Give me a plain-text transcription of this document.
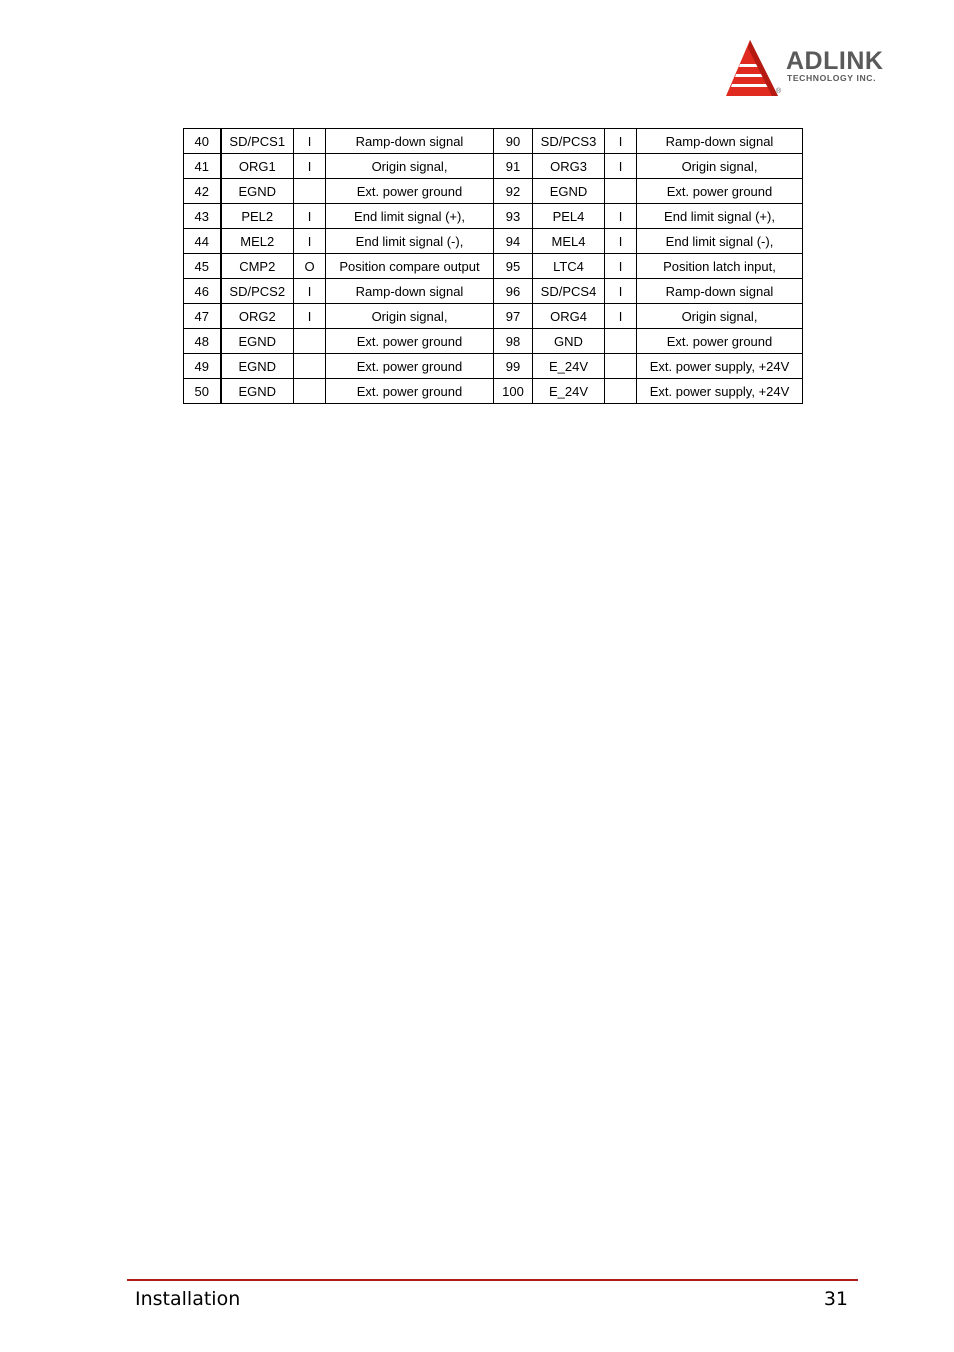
ADLINK
TECHNOLOGY INC.
®
40	SD/PCS1	I	Ramp-down signal	90	SD/PCS3	I	Ramp-down signal
41	ORG1	I	Origin signal,	91	ORG3	I	Origin signal,
42	EGND		Ext. power ground	92	EGND		Ext. power ground
43	PEL2	I	End limit signal (+),	93	PEL4	I	End limit signal (+),
44	MEL2	I	End limit signal (-),	94	MEL4	I	End limit signal (-),
45	CMP2	O	Position compare output	95	LTC4	I	Position latch input,
46	SD/PCS2	I	Ramp-down signal	96	SD/PCS4	I	Ramp-down signal
47	ORG2	I	Origin signal,	97	ORG4	I	Origin signal,
48	EGND		Ext. power ground	98	GND		Ext. power ground
49	EGND		Ext. power ground	99	E_24V		Ext. power supply, +24V
50	EGND		Ext. power ground	100	E_24V		Ext. power supply, +24V
Installation	31
